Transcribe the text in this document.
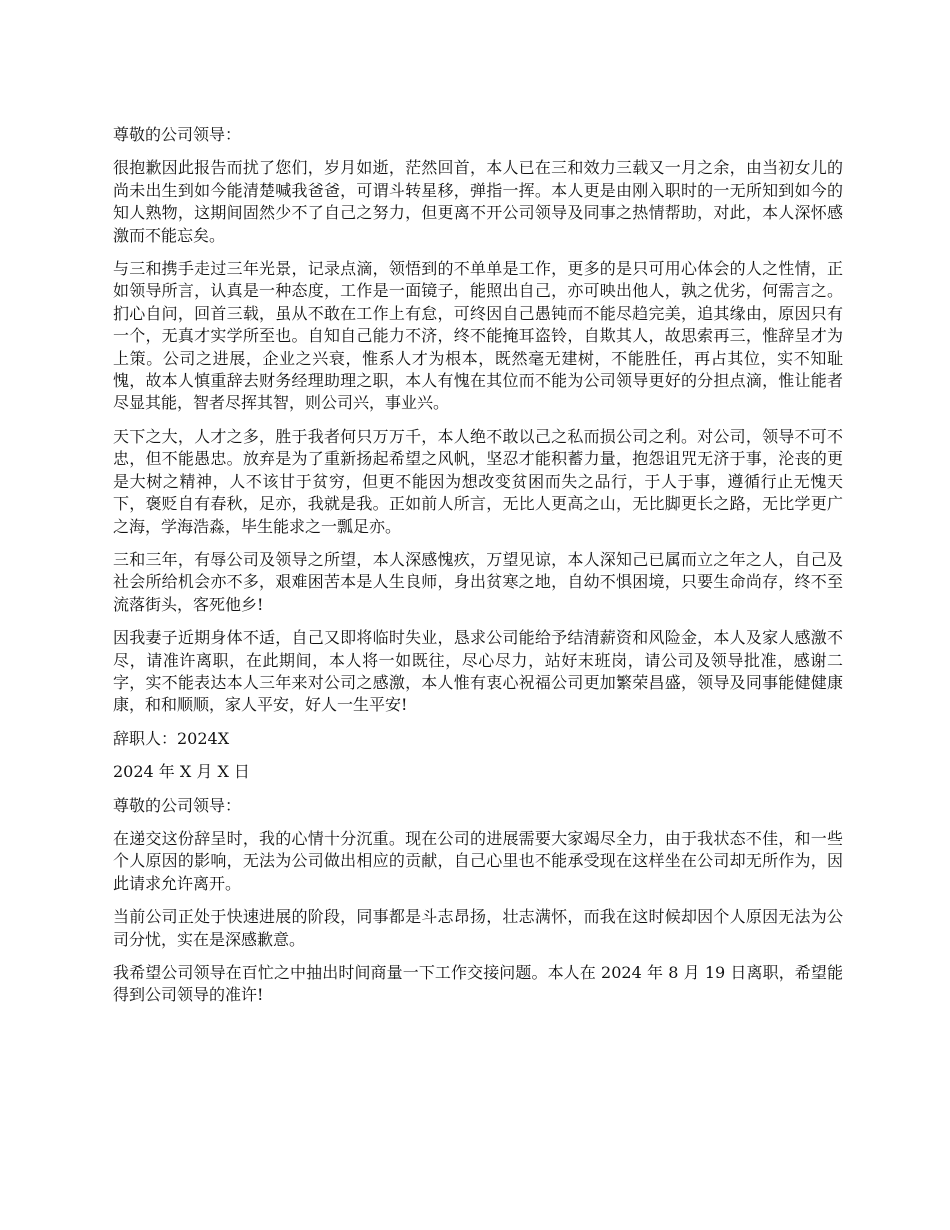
尊敬的公司领导：

很抱歉因此报告而扰了您们，岁月如逝，茫然回首，本人已在三和效力三载又一月之余，由当初女儿的尚未出生到如今能清楚喊我爸爸，可谓斗转星移，弹指一挥。本人更是由刚入职时的一无所知到如今的知人熟物，这期间固然少不了自己之努力，但更离不开公司领导及同事之热情帮助，对此，本人深怀感激而不能忘矣。

与三和携手走过三年光景，记录点滴，领悟到的不单单是工作，更多的是只可用心体会的人之性情，正如领导所言，认真是一种态度，工作是一面镜子，能照出自己，亦可映出他人，孰之优劣，何需言之。扪心自问，回首三载，虽从不敢在工作上有怠，可终因自己愚钝而不能尽趋完美，追其缘由，原因只有一个，无真才实学所至也。自知自己能力不济，终不能掩耳盗铃，自欺其人，故思索再三，惟辞呈才为上策。公司之进展，企业之兴衰，惟系人才为根本，既然毫无建树，不能胜任，再占其位，实不知耻愧，故本人慎重辞去财务经理助理之职，本人有愧在其位而不能为公司领导更好的分担点滴，惟让能者尽显其能，智者尽挥其智，则公司兴，事业兴。

天下之大，人才之多，胜于我者何只万万千，本人绝不敢以己之私而损公司之利。对公司，领导不可不忠，但不能愚忠。放弃是为了重新扬起希望之风帆，坚忍才能积蓄力量，抱怨诅咒无济于事，沦丧的更是大树之精神，人不该甘于贫穷，但更不能因为想改变贫困而失之品行，于人于事，遵循行止无愧天下，褒贬自有春秋，足亦，我就是我。正如前人所言，无比人更高之山，无比脚更长之路，无比学更广之海，学海浩淼，毕生能求之一瓢足亦。

三和三年，有辱公司及领导之所望，本人深感愧疚，万望见谅，本人深知己已属而立之年之人，自己及社会所给机会亦不多，艰难困苦本是人生良师，身出贫寒之地，自幼不惧困境，只要生命尚存，终不至流落街头，客死他乡!

因我妻子近期身体不适，自己又即将临时失业，恳求公司能给予结清薪资和风险金，本人及家人感激不尽，请准许离职，在此期间，本人将一如既往，尽心尽力，站好末班岗，请公司及领导批准，感谢二字，实不能表达本人三年来对公司之感激，本人惟有衷心祝福公司更加繁荣昌盛，领导及同事能健健康康，和和顺顺，家人平安，好人一生平安!

辞职人：2024X

2024 年 X 月 X 日

尊敬的公司领导：

在递交这份辞呈时，我的心情十分沉重。现在公司的进展需要大家竭尽全力，由于我状态不佳，和一些个人原因的影响，无法为公司做出相应的贡献，自己心里也不能承受现在这样坐在公司却无所作为，因此请求允许离开。

当前公司正处于快速进展的阶段，同事都是斗志昂扬，壮志满怀，而我在这时候却因个人原因无法为公司分忧，实在是深感歉意。

我希望公司领导在百忙之中抽出时间商量一下工作交接问题。本人在 2024 年 8 月 19 日离职，希望能得到公司领导的准许!
